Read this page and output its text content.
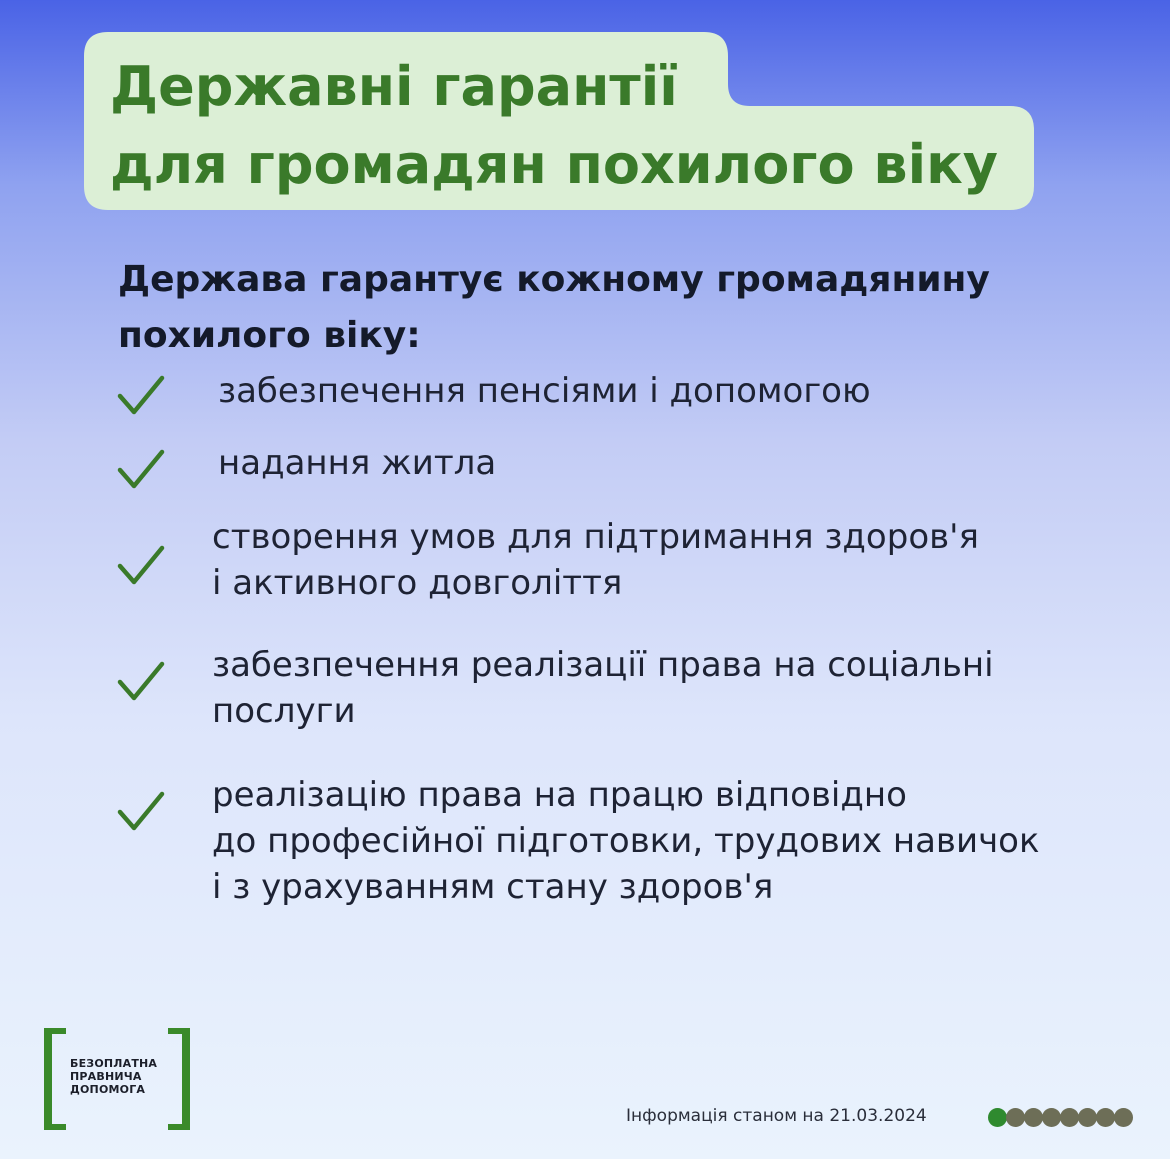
Державні гарантії
для громадян похилого віку

Держава гарантує кожному громадянину
похилого віку:

забезпечення пенсіями і допомогою

надання житла

створення умов для підтримання здоров'я
і активного довголіття

забезпечення реалізації права на соціальні
послуги

реалізацію права на працю відповідно
до професійної підготовки, трудових навичок
і з урахуванням стану здоров'я

БЕЗОПЛАТНА
ПРАВНИЧА
ДОПОМОГА

Інформація станом на 21.03.2024
